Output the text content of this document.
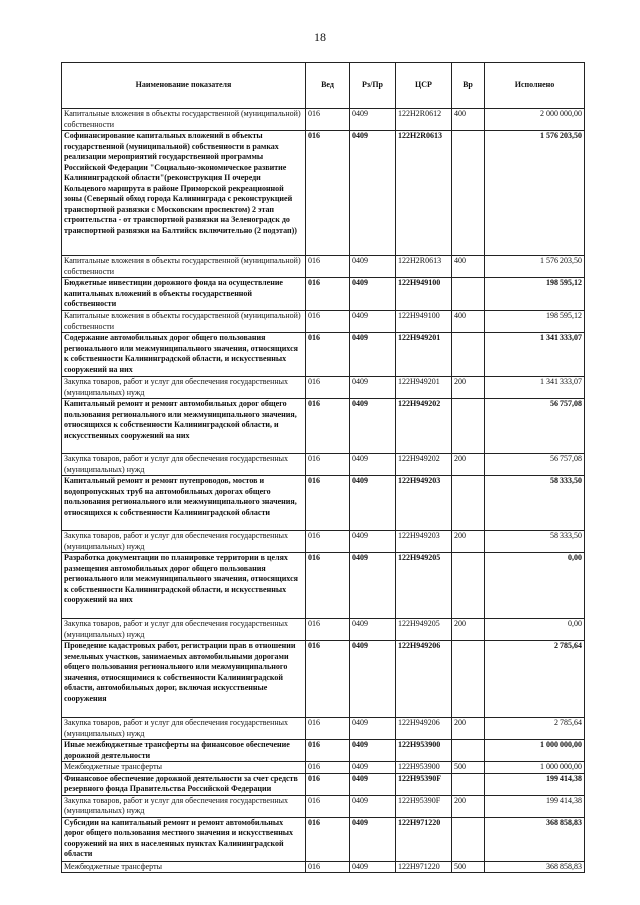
18
Наименование показателя	Вед	Рз/Пр	ЦСР	Вр	Исполнено
Капитальные вложения в объекты государственной (муниципальной) собственности	016	0409	122H2R0612	400	2 000 000,00
Софинансирование капитальных вложений в объекты государственной (муниципальной) собственности в рамках реализации мероприятий государственной программы Российской Федерации "Социально-экономическое развитие Калининградской области"(реконструкция II очереди Кольцевого маршрута в районе Приморской рекреационной зоны (Северный обход города Калининграда с реконструкцией транспортной развязки с Московским проспектом) 2 этап строительства - от транспортной развязки на Зеленоградск до транспортной развязки на Балтийск включительно (2 подэтап))	016	0409	122H2R0613		1 576 203,50
Капитальные вложения в объекты государственной (муниципальной) собственности	016	0409	122H2R0613	400	1 576 203,50
Бюджетные инвестиции дорожного фонда на осуществление капитальных вложений в объекты государственной собственности	016	0409	122H949100		198 595,12
Капитальные вложения в объекты государственной (муниципальной) собственности	016	0409	122H949100	400	198 595,12
Содержание автомобильных дорог общего пользования регионального или межмуниципального значения, относящихся к собственности Калининградской области, и искусственных сооружений на них	016	0409	122H949201		1 341 333,07
Закупка товаров, работ и услуг для обеспечения государственных (муниципальных) нужд	016	0409	122H949201	200	1 341 333,07
Капитальный ремонт и ремонт автомобильных дорог общего пользования регионального или межмуниципального значения, относящихся к собственности Калининградской области, и искусственных сооружений на них	016	0409	122H949202		56 757,08
Закупка товаров, работ и услуг для обеспечения государственных (муниципальных) нужд	016	0409	122H949202	200	56 757,08
Капитальный ремонт и ремонт путепроводов, мостов и водопропускных труб на автомобильных дорогах общего пользования регионального или межмуниципального значения, относящихся к собственности Калининградской области	016	0409	122H949203		58 333,50
Закупка товаров, работ и услуг для обеспечения государственных (муниципальных) нужд	016	0409	122H949203	200	58 333,50
Разработка документации по планировке территории в целях размещения автомобильных дорог общего пользования регионального или межмуниципального значения, относящихся к собственности Калининградской области, и искусственных сооружений на них	016	0409	122H949205		0,00
Закупка товаров, работ и услуг для обеспечения государственных (муниципальных) нужд	016	0409	122H949205	200	0,00
Проведение кадастровых работ, регистрации прав в отношении земельных участков, занимаемых автомобильными дорогами общего пользования регионального или межмуниципального значения, относящимися к собственности Калининградской области, автомобильных дорог, включая искусственные сооружения	016	0409	122H949206		2 785,64
Закупка товаров, работ и услуг для обеспечения государственных (муниципальных) нужд	016	0409	122H949206	200	2 785,64
Иные межбюджетные трансферты на финансовое обеспечение дорожной деятельности	016	0409	122H953900		1 000 000,00
Межбюджетные трансферты	016	0409	122H953900	500	1 000 000,00
Финансовое обеспечение дорожной деятельности за счет средств резервного фонда Правительства Российской Федерации	016	0409	122H95390F		199 414,38
Закупка товаров, работ и услуг для обеспечения государственных (муниципальных) нужд	016	0409	122H95390F	200	199 414,38
Субсидии на капитальный ремонт и ремонт автомобильных дорог общего пользования местного значения и искусственных сооружений на них в населенных пунктах Калининградской области	016	0409	122H971220		368 858,83
Межбюджетные трансферты	016	0409	122H971220	500	368 858,83
